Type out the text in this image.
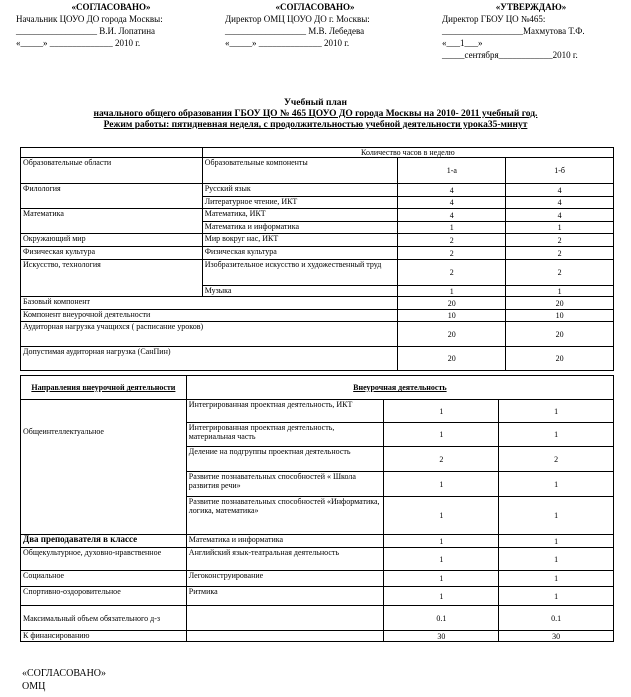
«СОГЛАСОВАНО»
Начальник ЦОУО ДО города Москвы:
__________________ В.И. Лопатина
«_____» ______________ 2010 г.
«СОГЛАСОВАНО»
Директор ОМЦ ЦОУО ДО г. Москвы:
__________________ М.В. Лебедева
«_____» ______________ 2010 г.
«УТВЕРЖДАЮ»
Директор ГБОУ ЦО №465:
__________________Махмутова Т.Ф.
«___1___»
_____сентября____________2010 г.
Учебный план
начального общего образования ГБОУ ЦО № 465 ЦОУО ДО города Москвы на 2010- 2011 учебный год.
Режим работы: пятидневная неделя, с продолжительностью учебной деятельности урока35-минут
	Количество часов в неделю		
Образовательные области	Образовательные компоненты	1-а	1-б
Филология	Русский язык	4	4
	Литературное чтение, ИКТ	4	4
Математика	Математика, ИКТ	4	4
	Математика и информатика	1	1
Окружающий мир	Мир вокруг нас, ИКТ	2	2
Физическая культура	Физическая культура	2	2
Искусство, технология	Изобразительное искусство и художественный труд	2	2
	Музыка	1	1
Базовый компонент		20	20
Компонент внеурочной деятельности		10	10
Аудиторная нагрузка учащихся ( расписание уроков)		20	20
Допустимая аудиторная нагрузка (СанПин)		20	20
Направления внеурочной деятельности	Внеурочная деятельность		

Общеинтеллектуальное	Интегрированная проектная деятельность, ИКТ	1	1
	Интегрированная проектная деятельность, материальная часть	1	1
	Деление на подгруппы проектная деятельность	2	2
	Развитие познавательных способностей « Школа развития речи»	1	1
	Развитие познавательных способностей «Информатика, логика, математика»	1	1
Два преподавателя в классе	Математика и информатика	1	1
Общекультурное, духовно-нравственное	Английский язык-театральная деятельность	1	1
Социальное	Легоконструирование	1	1
Спортивно-оздоровительное	Ритмика	1	1
Максимальный объем обязательного д-з		0.1	0.1
К финансированию		30	30
«СОГЛАСОВАНО»
ОМЦ
